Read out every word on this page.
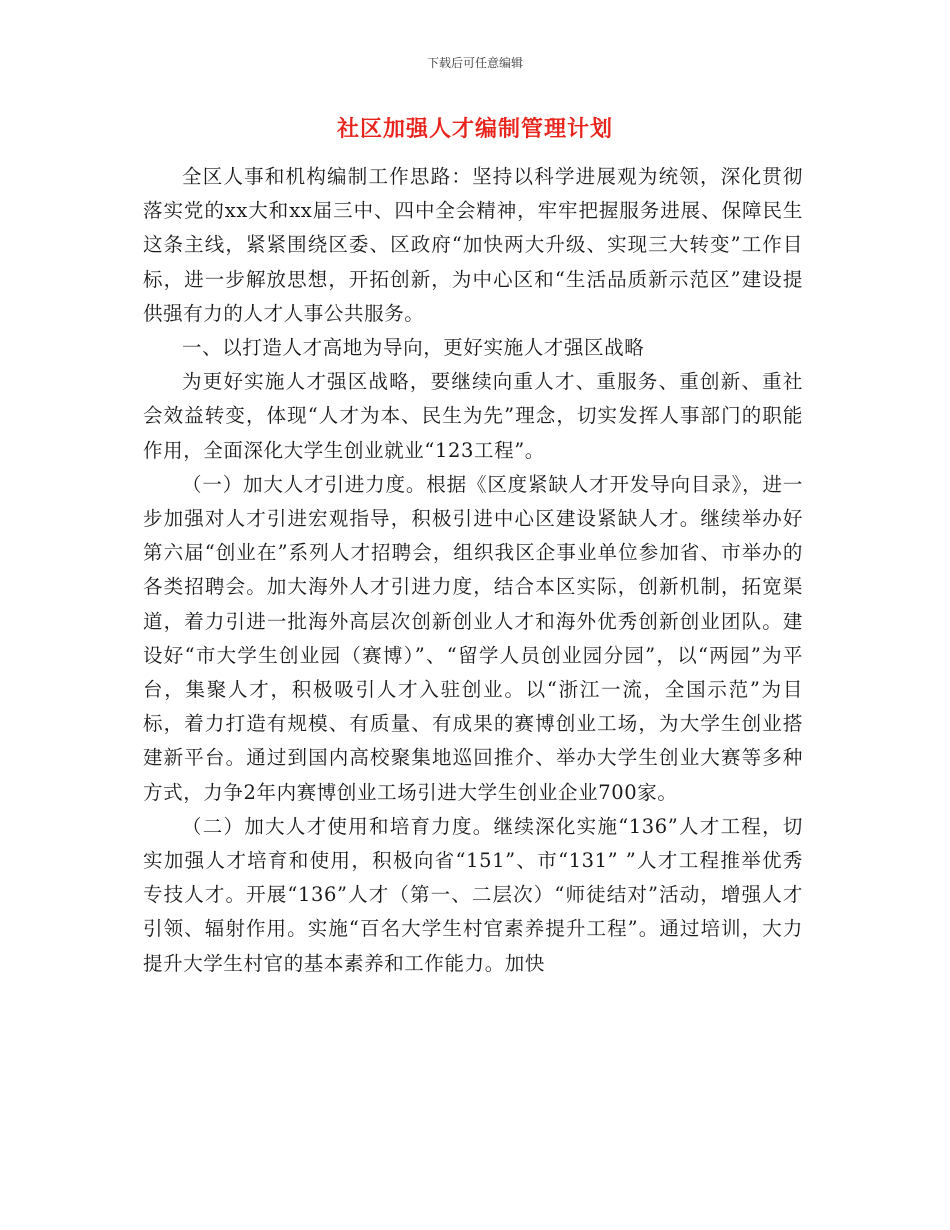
下载后可任意编辑
社区加强人才编制管理计划

全区人事和机构编制工作思路：坚持以科学进展观为统领，深化贯彻落实党的xx大和xx届三中、四中全会精神，牢牢把握服务进展、保障民生这条主线，紧紧围绕区委、区政府“加快两大升级、实现三大转变”工作目标，进一步解放思想，开拓创新，为中心区和“生活品质新示范区”建设提供强有力的人才人事公共服务。

一、以打造人才高地为导向，更好实施人才强区战略

为更好实施人才强区战略，要继续向重人才、重服务、重创新、重社会效益转变，体现“人才为本、民生为先”理念，切实发挥人事部门的职能作用，全面深化大学生创业就业“123工程”。

（一）加大人才引进力度。根据《区度紧缺人才开发导向目录》，进一步加强对人才引进宏观指导，积极引进中心区建设紧缺人才。继续举办好第六届“创业在”系列人才招聘会，组织我区企事业单位参加省、市举办的各类招聘会。加大海外人才引进力度，结合本区实际，创新机制，拓宽渠道，着力引进一批海外高层次创新创业人才和海外优秀创新创业团队。建设好“市大学生创业园（赛博）”、“留学人员创业园分园”，以“两园”为平台，集聚人才，积极吸引人才入驻创业。以“浙江一流，全国示范”为目标，着力打造有规模、有质量、有成果的赛博创业工场，为大学生创业搭建新平台。通过到国内高校聚集地巡回推介、举办大学生创业大赛等多种方式，力争2年内赛博创业工场引进大学生创业企业700家。

（二）加大人才使用和培育力度。继续深化实施“136”人才工程，切实加强人才培育和使用，积极向省“151”、市“131” ”人才工程推举优秀专技人才。开展“136”人才（第一、二层次）“师徒结对”活动，增强人才引领、辐射作用。实施“百名大学生村官素养提升工程”。通过培训，大力提升大学生村官的基本素养和工作能力。加快
